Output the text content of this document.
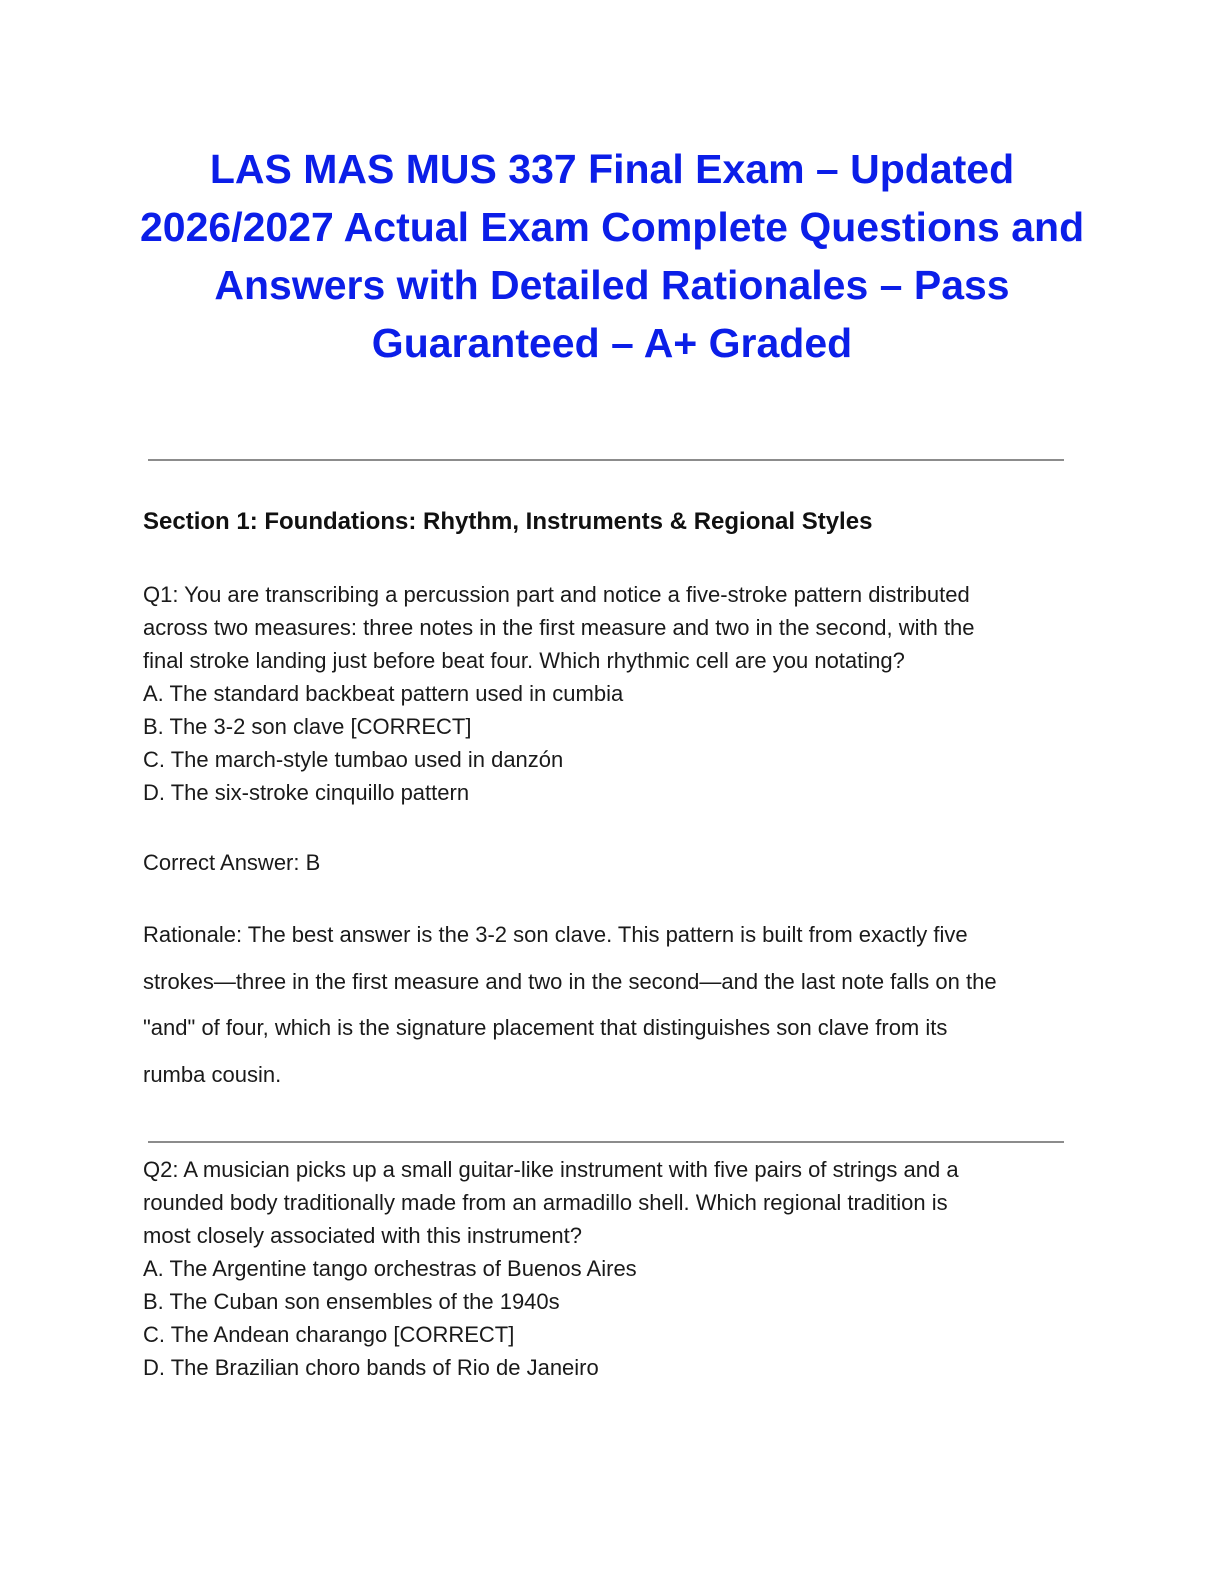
LAS MAS MUS 337 Final Exam – Updated
2026/2027 Actual Exam Complete Questions and
Answers with Detailed Rationales – Pass
Guaranteed – A+ Graded
Section 1: Foundations: Rhythm, Instruments & Regional Styles
Q1: You are transcribing a percussion part and notice a five-stroke pattern distributed
across two measures: three notes in the first measure and two in the second, with the
final stroke landing just before beat four. Which rhythmic cell are you notating?
A. The standard backbeat pattern used in cumbia
B. The 3-2 son clave [CORRECT]
C. The march-style tumbao used in danzón
D. The six-stroke cinquillo pattern
Correct Answer: B
Rationale: The best answer is the 3-2 son clave. This pattern is built from exactly five
strokes—three in the first measure and two in the second—and the last note falls on the
"and" of four, which is the signature placement that distinguishes son clave from its
rumba cousin.
Q2: A musician picks up a small guitar-like instrument with five pairs of strings and a
rounded body traditionally made from an armadillo shell. Which regional tradition is
most closely associated with this instrument?
A. The Argentine tango orchestras of Buenos Aires
B. The Cuban son ensembles of the 1940s
C. The Andean charango [CORRECT]
D. The Brazilian choro bands of Rio de Janeiro
